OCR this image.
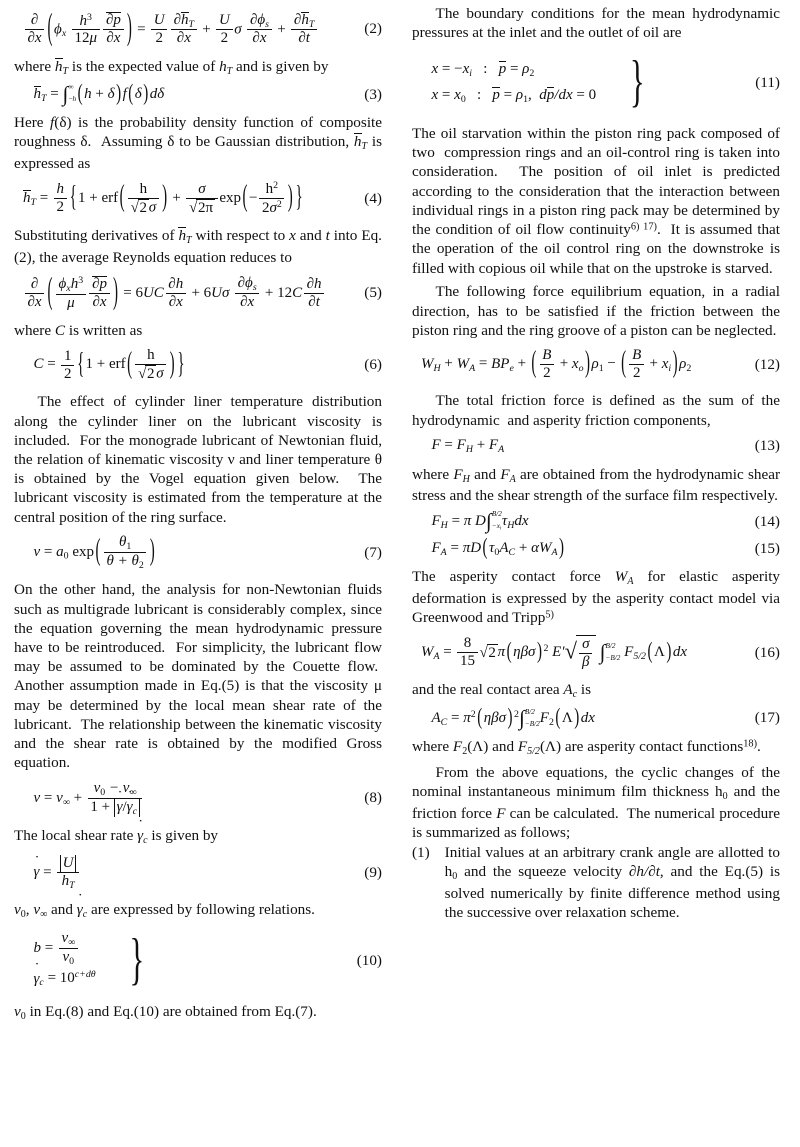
$\frac{\partial}{\partial x}$ ( $\phi_x \frac{h^3}{12\mu} \frac{\partial p}{\partial x}$ ) = $\frac{U}{2} \frac{\partial h_T}{\partial x} + \frac{U}{2}$ σ $\frac{\partial\phi_s}{\partial x} + \frac{\partial h_T}{\partial t}$	(2)

where $h_T$ is the expected value of $h_T$ and is given by

$h_T$ = ∫ ∞
−h ( h + δ ) f ( δ ) dδ	(3)

Here f(δ) is the probability density function of composite roughness δ.  Assuming δ to be Gaussian distribution, $h_T$ is expressed as

$h_T = \frac{h}{2} \{1$ + erf ( $\frac{h}{√2 \sigma}$ ) + $\frac{\sigma}{√2\pi}$ exp ( − $\frac{h^2}{2\sigma^2}$ ) }	(4)

Substituting derivatives of $h_T$ with respect to x and t into Eq.(2), the average Reynolds equation reduces to

$\frac{\partial}{\partial x}$ ( $\frac{\phi_xh^3}{\mu} \frac{\partial p}{\partial x}$ ) = $6UC \frac{\partial h}{\partial x} + 6U\sigma \frac{\partial\phi_s}{\partial x} + 12C \frac{\partial h}{\partial t}$	(5)

where C is written as

$C = \frac{1}{2} \{1$ + erf ( $\frac{h}{√2 \sigma}$ ) }	(6)

The effect of cylinder liner temperature distribution along the cylinder liner on the lubricant viscosity is included.  For the monograde lubricant of Newtonian fluid, the relation of kinematic viscosity ν and liner temperature θ is obtained by the Vogel equation given below.  The lubricant viscosity is estimated from the temperature at the central position of the ring surface.

ν = a0 exp ( $\frac{\theta 1}{\theta + \theta 2}$ )	(7)

On the other hand, the analysis for non-Newtonian fluids such as multigrade lubricant is considerably complex, since the equation governing the mean hydrodynamic pressure have to be reintroduced.  For simplicity, the lubricant flow may be assumed to be dominated by the Couette flow.  Another assumption made in Eq.(5) is that the viscosity μ may be determined by the local mean shear rate of the lubricant.  The relationship between the kinematic viscosity and the shear rate is obtained by the modified Gross equation.

$\nu = \nu\infty + \frac{\nu 0 - \nu\infty}{1 + ˙ \gamma/˙ \gamma_c}$	(8)

The local shear rate ˙ $\gamma_c$ is given by

˙ $\gamma = \frac{U}{h_T}$	(9)

ν0, ν∞ and ˙ $\gamma_c$ are expressed by following relations.

$b = \frac{\nu\infty}{\nu 0}$
˙ $\gamma_c = 10^{c+d\theta}$ }	(10)

ν0 in Eq.(8) and Eq.(10) are obtained from Eq.(7).

The boundary conditions for the mean hydrodynamic pressures at the inlet and the outlet of oil are

$x = -x_i$   :   p = ρ2
x = x0   :   p = ρ1,  dp/dx = 0 }	(11)

The oil starvation within the piston ring pack composed of two  compression rings and an oil-control ring is taken into consideration.  The position of oil inlet is predicted according to the consideration that the interaction between individual rings in a piston ring pack may be determined by the condition of oil flow continuity$^{6) 17)}$.  It is assumed that the operation of the oil control ring on the downstroke is filled with copious oil while that on the upstroke is starved.

The following force equilibrium equation, in a radial direction, has to be satisfied if the friction between the piston ring and the ring groove of a piston can be neglected.

$W_H + W_A = BP_e$ + ( $\frac{B}{2} + x_o$ ) ρ1 − ( $\frac{B}{2} + x_i$ ) ρ2	(12)

The total friction force is defined as the sum of the hydrodynamic  and asperity friction components,

$F = F_H + F_A$	(13)

where $F_H$ and $F_A$ are obtained from the hydrodynamic shear stress and the shear strength of the surface film respectively.

$F_H = \pi$ D∫ B/2
$-x_i$
$\tau_Hdx$	(14)
$F_A = \pi D$ ( $\tau 0A_C + \alpha W_A$ )	(15)

The asperity contact force $W_A$ for elastic asperity deformation is expressed by the asperity contact model via Greenwood and Tripp$^{5)}$

$W_A = \frac{8}{15} √2$ π ( ηβσ ) $^2$ $E'√ \frac{\sigma}{\beta}$ ∫ B/2
−B/2 $F_{5/2}$ ( Λ ) dx	(16)

and the real contact area $A_c$ is

$A_C = \pi^2$ ( ηβσ ) $^2$∫ B/2
−B/2 F2 ( Λ ) dx	(17)

where F2(Λ) and $F_{5/2}(\Lambda)$ are asperity contact functions$^{18)}$.

From the above equations, the cyclic changes of the nominal instantaneous minimum film thickness h0 and the friction force F can be calculated.  The numerical procedure is summarized as follows;

(1) Initial values at an arbitrary crank angle are allotted to h0 and the squeeze velocity ∂h/∂t, and the Eq.(5) is solved numerically by finite difference method using the successive over relaxation scheme.
